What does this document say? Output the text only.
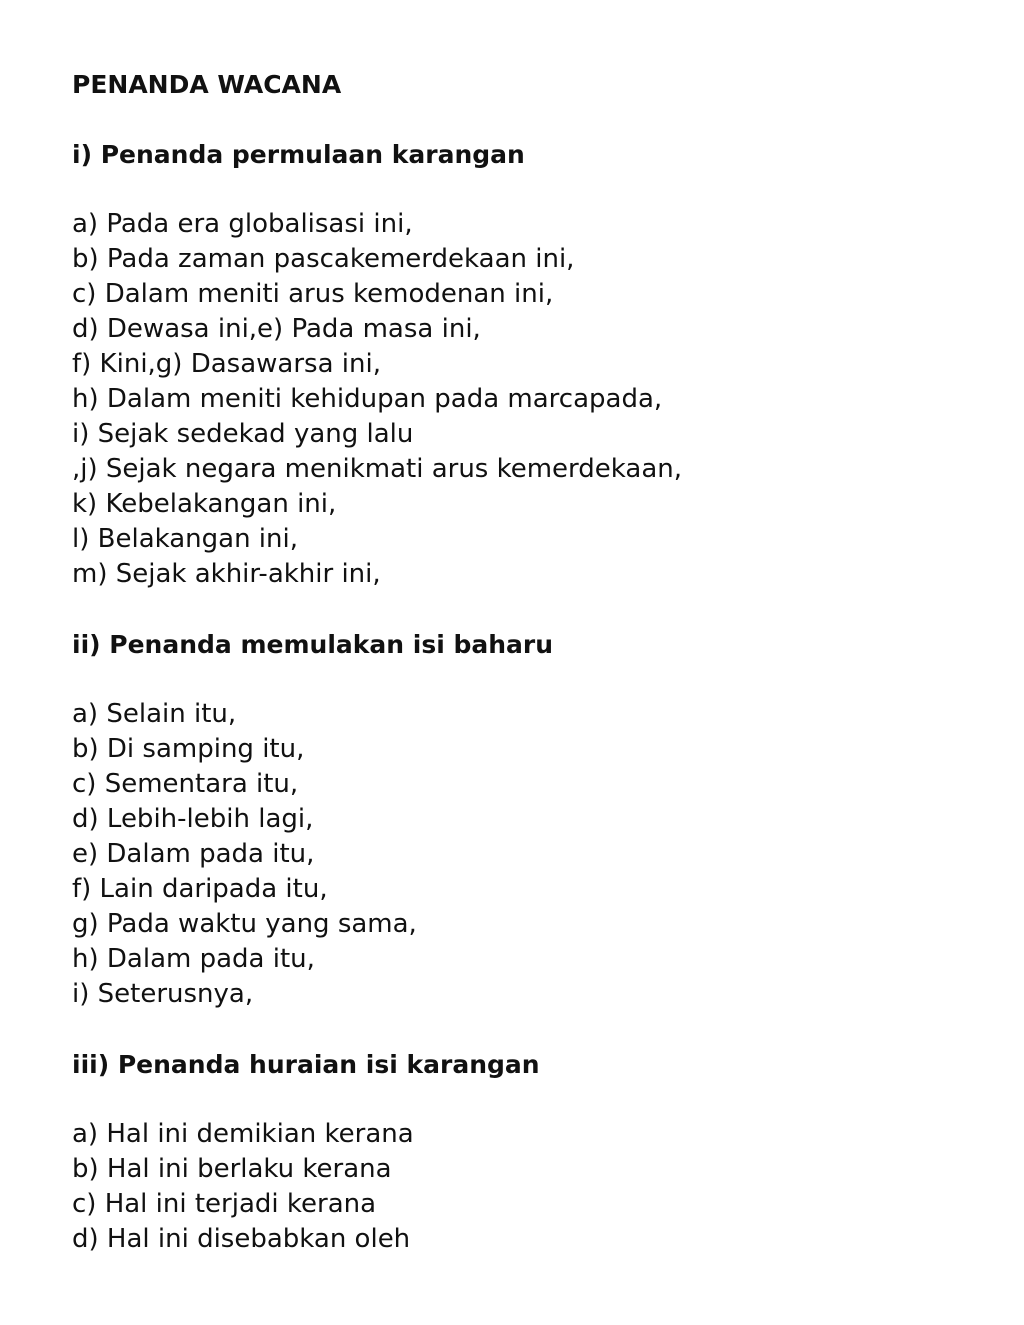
PENANDA WACANA
i) Penanda permulaan karangan
a) Pada era globalisasi ini,
b) Pada zaman pascakemerdekaan ini,
c) Dalam meniti arus kemodenan ini,
d) Dewasa ini,e) Pada masa ini,
f) Kini,g) Dasawarsa ini,
h) Dalam meniti kehidupan pada marcapada,
i) Sejak sedekad yang lalu
,j) Sejak negara menikmati arus kemerdekaan,
k) Kebelakangan ini,
l) Belakangan ini,
m) Sejak akhir-akhir ini,
ii) Penanda memulakan isi baharu
a) Selain itu,
b) Di samping itu,
c) Sementara itu,
d) Lebih-lebih lagi,
e) Dalam pada itu,
f) Lain daripada itu,
g) Pada waktu yang sama,
h) Dalam pada itu,
i) Seterusnya,
iii) Penanda huraian isi karangan
a) Hal ini demikian kerana
b) Hal ini berlaku kerana
c) Hal ini terjadi kerana
d) Hal ini disebabkan oleh
